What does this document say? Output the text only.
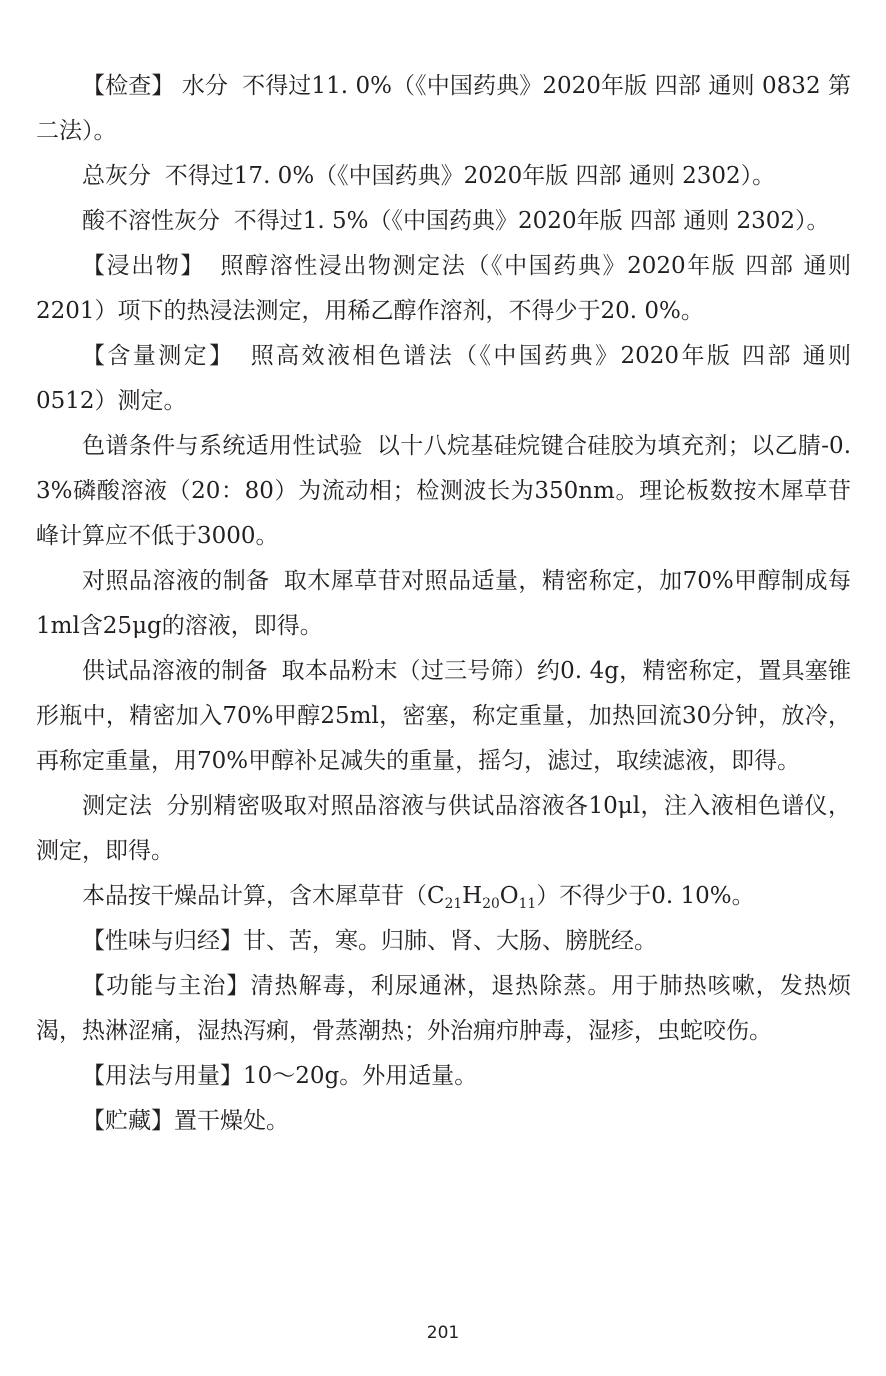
【检查】 水分 不得过11. 0%（《中国药典》2020年版 四部 通则 0832 第二法）。

总灰分 不得过17. 0%（《中国药典》2020年版 四部 通则 2302）。

酸不溶性灰分 不得过1. 5%（《中国药典》2020年版 四部 通则 2302）。

【浸出物】 照醇溶性浸出物测定法（《中国药典》2020年版 四部 通则 2201）项下的热浸法测定，用稀乙醇作溶剂，不得少于20. 0%。

【含量测定】 照高效液相色谱法（《中国药典》2020年版 四部 通则 0512）测定。

色谱条件与系统适用性试验 以十八烷基硅烷键合硅胶为填充剂；以乙腈-0. 3%磷酸溶液（20：80）为流动相；检测波长为350nm。理论板数按木犀草苷峰计算应不低于3000。

对照品溶液的制备 取木犀草苷对照品适量，精密称定，加70%甲醇制成每1ml含25μg的溶液，即得。

供试品溶液的制备 取本品粉末（过三号筛）约0. 4g，精密称定，置具塞锥形瓶中，精密加入70%甲醇25ml，密塞，称定重量，加热回流30分钟，放冷，再称定重量，用70%甲醇补足减失的重量，摇匀，滤过，取续滤液，即得。

测定法 分别精密吸取对照品溶液与供试品溶液各10μl，注入液相色谱仪，测定，即得。

本品按干燥品计算，含木犀草苷$(C_{21}H_{20}O_{11})$不得少于0. 10%。

【性味与归经】甘、苦，寒。归肺、肾、大肠、膀胱经。

【功能与主治】清热解毒，利尿通淋，退热除蒸。用于肺热咳嗽，发热烦渴，热淋涩痛，湿热泻痢，骨蒸潮热；外治痈疖肿毒，湿疹，虫蛇咬伤。

【用法与用量】10～20g。外用适量。

【贮藏】置干燥处。

201
